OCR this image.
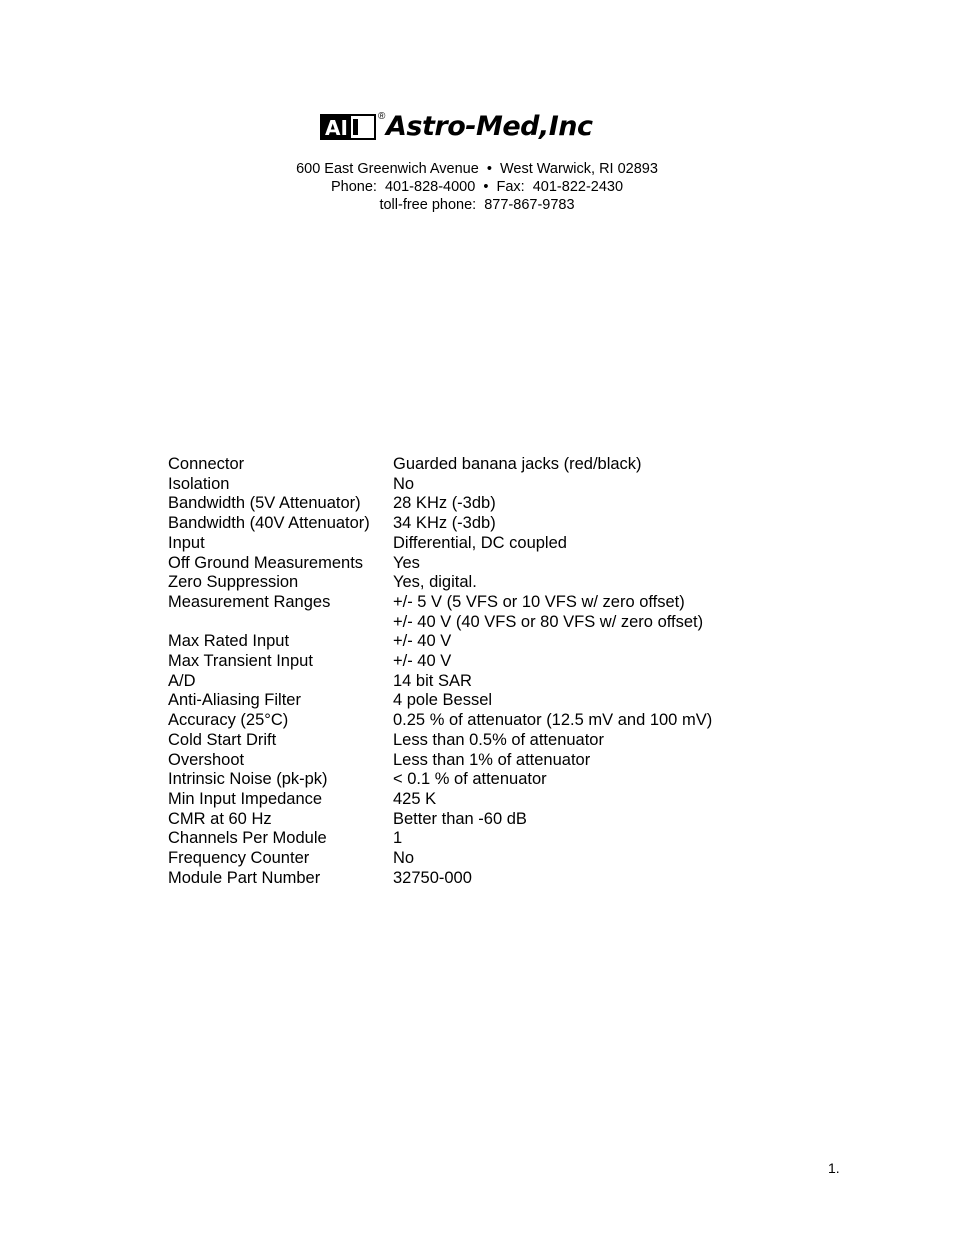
AI Astro-Med,Inc
®
600 East Greenwich Avenue  •  West Warwick, RI 02893
Phone:  401-828-4000  •  Fax:  401-822-2430
toll-free phone:  877-867-9783
Connector	Guarded banana jacks (red/black)
Isolation	No
Bandwidth (5V Attenuator)	28 KHz (-3db)
Bandwidth (40V Attenuator)	34 KHz (-3db)
Input	Differential, DC coupled
Off Ground Measurements	Yes
Zero Suppression	Yes, digital.
Measurement Ranges	+/- 5 V (5 VFS or 10 VFS w/ zero offset)
	+/- 40 V (40 VFS or 80 VFS w/ zero offset)
Max Rated Input	+/- 40 V
Max Transient Input	+/- 40 V
A/D	14 bit SAR
Anti-Aliasing Filter	4 pole Bessel
Accuracy (25°C)	0.25 % of attenuator (12.5 mV and 100 mV)
Cold Start Drift	Less than 0.5% of attenuator
Overshoot	Less than 1% of attenuator
Intrinsic Noise (pk-pk)	< 0.1 % of attenuator
Min Input Impedance	425 K
CMR at 60 Hz	Better than -60 dB
Channels Per Module	1
Frequency Counter	No
Module Part Number	32750-000
1.
